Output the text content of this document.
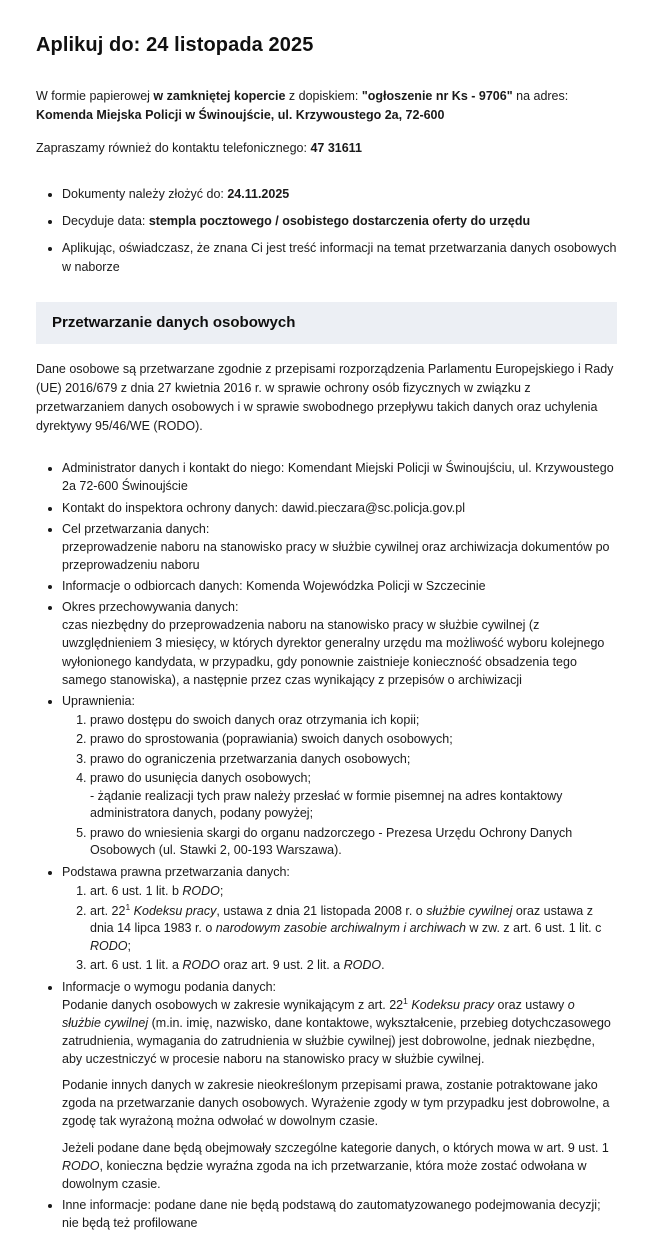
Aplikuj do: 24 listopada 2025

W formie papierowej w zamkniętej kopercie z dopiskiem: "ogłoszenie nr Ks - 9706" na adres: Komenda Miejska Policji w Świnoujście, ul. Krzywoustego 2a, 72-600

Zapraszamy również do kontaktu telefonicznego: 47 31611

• Dokumenty należy złożyć do: 24.11.2025
• Decyduje data: stempla pocztowego / osobistego dostarczenia oferty do urzędu
• Aplikując, oświadczasz, że znana Ci jest treść informacji na temat przetwarzania danych osobowych w naborze
Przetwarzanie danych osobowych

Dane osobowe są przetwarzane zgodnie z przepisami rozporządzenia Parlamentu Europejskiego i Rady (UE) 2016/679 z dnia 27 kwietnia 2016 r. w sprawie ochrony osób fizycznych w związku z przetwarzaniem danych osobowych i w sprawie swobodnego przepływu takich danych oraz uchylenia dyrektywy 95/46/WE (RODO).

• Administrator danych i kontakt do niego: Komendant Miejski Policji w Świnoujściu, ul. Krzywoustego 2a 72-600 Świnoujście
• Kontakt do inspektora ochrony danych: dawid.pieczara@sc.policja.gov.pl
• Cel przetwarzania danych:
przeprowadzenie naboru na stanowisko pracy w służbie cywilnej oraz archiwizacja dokumentów po przeprowadzeniu naboru
• Informacje o odbiorcach danych: Komenda Wojewódzka Policji w Szczecinie
• Okres przechowywania danych:
czas niezbędny do przeprowadzenia naboru na stanowisko pracy w służbie cywilnej (z uwzględnieniem 3 miesięcy, w których dyrektor generalny urzędu ma możliwość wyboru kolejnego wyłonionego kandydata, w przypadku, gdy ponownie zaistnieje konieczność obsadzenia tego samego stanowiska), a następnie przez czas wynikający z przepisów o archiwizacji
• Uprawnienia:
1. prawo dostępu do swoich danych oraz otrzymania ich kopii;
2. prawo do sprostowania (poprawiania) swoich danych osobowych;
3. prawo do ograniczenia przetwarzania danych osobowych;
4. prawo do usunięcia danych osobowych;
- żądanie realizacji tych praw należy przesłać w formie pisemnej na adres kontaktowy administratora danych, podany powyżej;
5. prawo do wniesienia skargi do organu nadzorczego - Prezesa Urzędu Ochrony Danych Osobowych (ul. Stawki 2, 00-193 Warszawa).
• Podstawa prawna przetwarzania danych:
1. art. 6 ust. 1 lit. b RODO;
2. art. $22^1$ Kodeksu pracy, ustawa z dnia 21 listopada 2008 r. o służbie cywilnej oraz ustawa z dnia 14 lipca 1983 r. o narodowym zasobie archiwalnym i archiwach w zw. z art. 6 ust. 1 lit. c RODO;
3. art. 6 ust. 1 lit. a RODO oraz art. 9 ust. 2 lit. a RODO.
• Informacje o wymogu podania danych:

Podanie danych osobowych w zakresie wynikającym z art. $22^1$ Kodeksu pracy oraz ustawy o służbie cywilnej (m.in. imię, nazwisko, dane kontaktowe, wykształcenie, przebieg dotychczasowego zatrudnienia, wymagania do zatrudnienia w służbie cywilnej) jest dobrowolne, jednak niezbędne, aby uczestniczyć w procesie naboru na stanowisko pracy w służbie cywilnej.

Podanie innych danych w zakresie nieokreślonym przepisami prawa, zostanie potraktowane jako zgoda na przetwarzanie danych osobowych. Wyrażenie zgody w tym przypadku jest dobrowolne, a zgodę tak wyrażoną można odwołać w dowolnym czasie.

Jeżeli podane dane będą obejmowały szczególne kategorie danych, o których mowa w art. 9 ust. 1 RODO, konieczna będzie wyraźna zgoda na ich przetwarzanie, która może zostać odwołana w dowolnym czasie.

• Inne informacje: podane dane nie będą podstawą do zautomatyzowanego podejmowania decyzji; nie będą też profilowane
